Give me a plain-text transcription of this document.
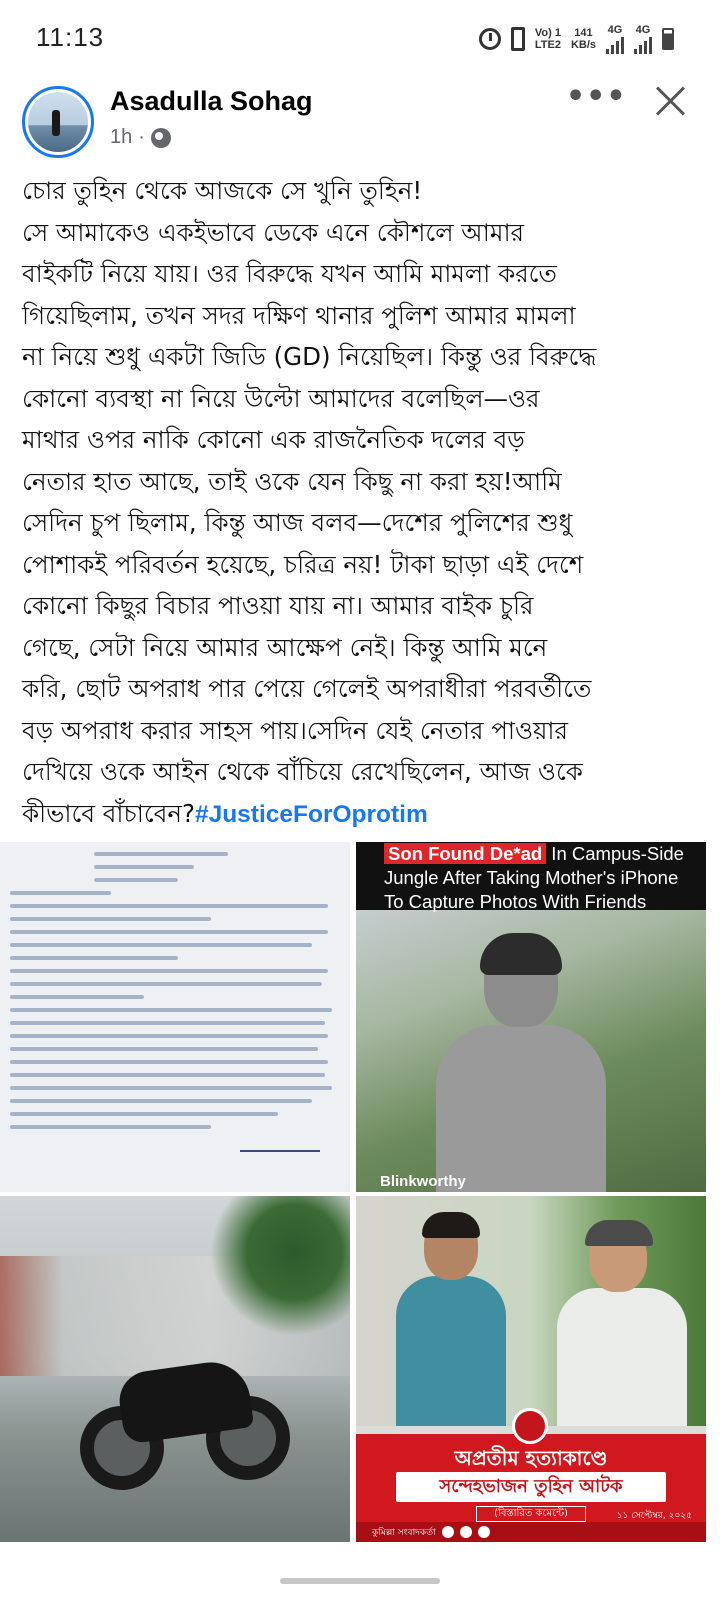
11:13	Vo) 1
LTE2
141
KB/s
4G 4G
Asadulla Sohag
1h ·
•••

চোর তুহিন থেকে আজকে সে খুনি তুহিন!

সে আমাকেও একইভাবে ডেকে এনে কৌশলে আমার

বাইকটি নিয়ে যায়। ওর বিরুদ্ধে যখন আমি মামলা করতে

গিয়েছিলাম, তখন সদর দক্ষিণ থানার পুলিশ আমার মামলা

না নিয়ে শুধু একটা জিডি (GD) নিয়েছিল। কিন্তু ওর বিরুদ্ধে

কোনো ব্যবস্থা না নিয়ে উল্টো আমাদের বলেছিল—ওর

মাথার ওপর নাকি কোনো এক রাজনৈতিক দলের বড়

নেতার হাত আছে, তাই ওকে যেন কিছু না করা হয়!আমি

সেদিন চুপ ছিলাম, কিন্তু আজ বলব—দেশের পুলিশের শুধু

পোশাকই পরিবর্তন হয়েছে, চরিত্র নয়! টাকা ছাড়া এই দেশে

কোনো কিছুর বিচার পাওয়া যায় না। আমার বাইক চুরি

গেছে, সেটা নিয়ে আমার আক্ষেপ নেই। কিন্তু আমি মনে

করি, ছোট অপরাধ পার পেয়ে গেলেই অপরাধীরা পরবর্তীতে

বড় অপরাধ করার সাহস পায়।সেদিন যেই নেতার পাওয়ার

দেখিয়ে ওকে আইন থেকে বাঁচিয়ে রেখেছিলেন, আজ ওকে

কীভাবে বাঁচাবেন?#JusticeForOprotim

Son Found De*ad In Campus-Side
Jungle After Taking Mother's iPhone
To Capture Photos With Friends
Blinkworthy
অপ্রতীম হত্যাকাণ্ডে
সন্দেহভাজন তুহিন আটক
(বিস্তারিত কমেন্টে)	১১ সেপ্টেম্বর, ২০২৫
কুমিল্লা সংবাদকর্তা
